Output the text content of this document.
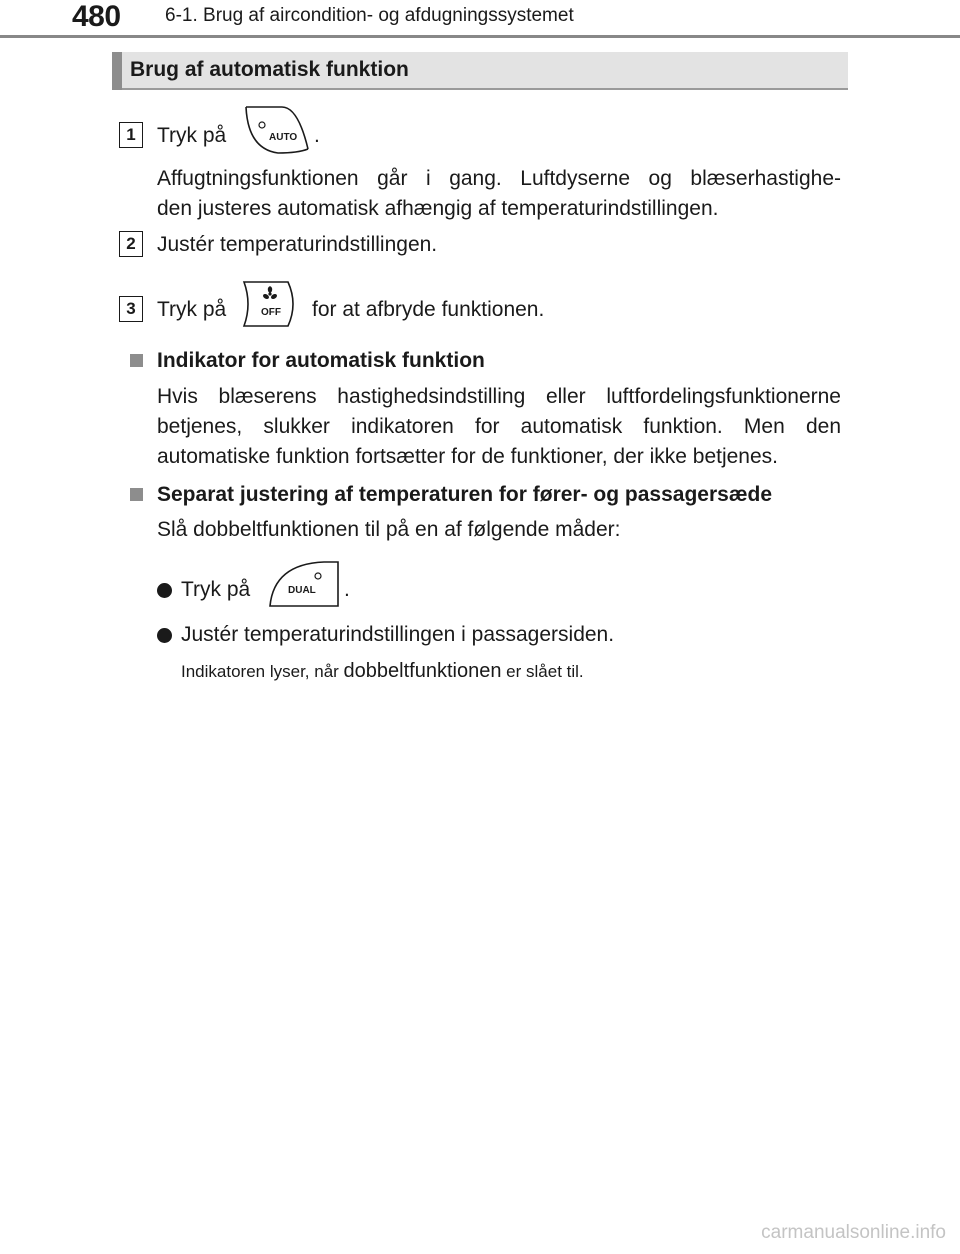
480 6-1. Brug af aircondition- og afdugningssystemet
Brug af automatisk funktion
1	Tryk på	AUTO .
Affugtningsfunktionen går i gang. Luftdyserne og blæserhastighe-
den justeres automatisk afhængig af temperaturindstillingen.
2	Justér temperaturindstillingen.
3	Tryk på	OFF for at afbryde funktionen.
Indikator for automatisk funktion
Hvis blæserens hastighedsindstilling eller luftfordelingsfunktionerne betjenes, slukker indikatoren for automatisk funktion. Men den automatiske funktion fortsætter for de funktioner, der ikke betjenes.
Separat justering af temperaturen for fører- og passagersæde
Slå dobbeltfunktionen til på en af følgende måder:
Tryk på	DUAL .
Justér temperaturindstillingen i passagersiden.
Indikatoren lyser, når dobbeltfunktionen er slået til.
carmanualsonline.info
